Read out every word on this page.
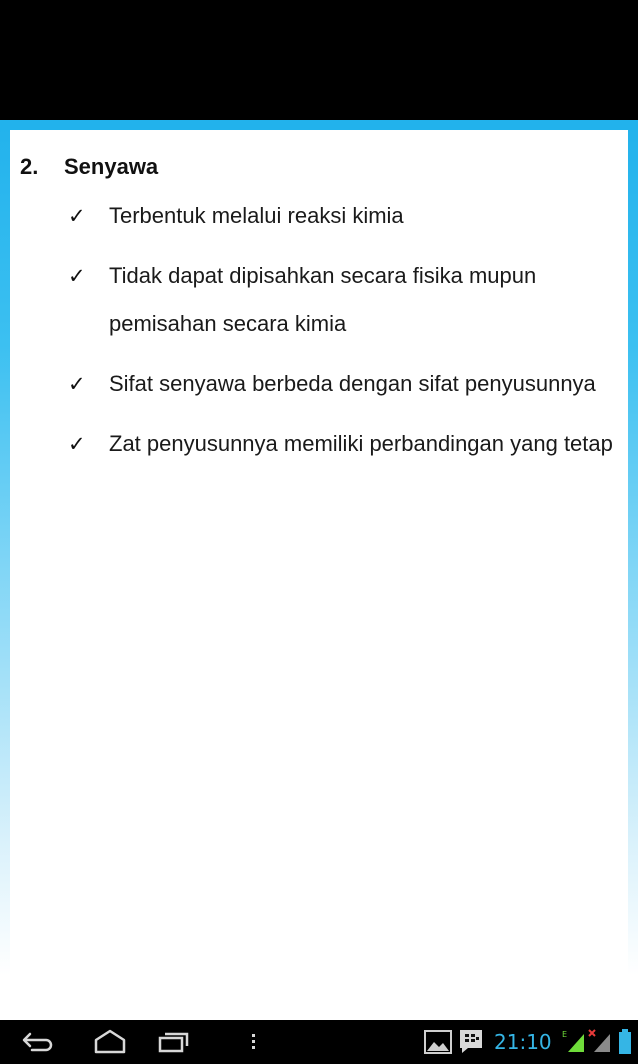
2. Senyawa
✓ Terbentuk melalui reaksi kimia
✓ Tidak dapat dipisahkan secara fisika mupun pemisahan secara kimia
✓ Sifat senyawa berbeda dengan sifat penyusunnya
✓ Zat penyusunnya memiliki perbandingan yang tetap
21:10 E
